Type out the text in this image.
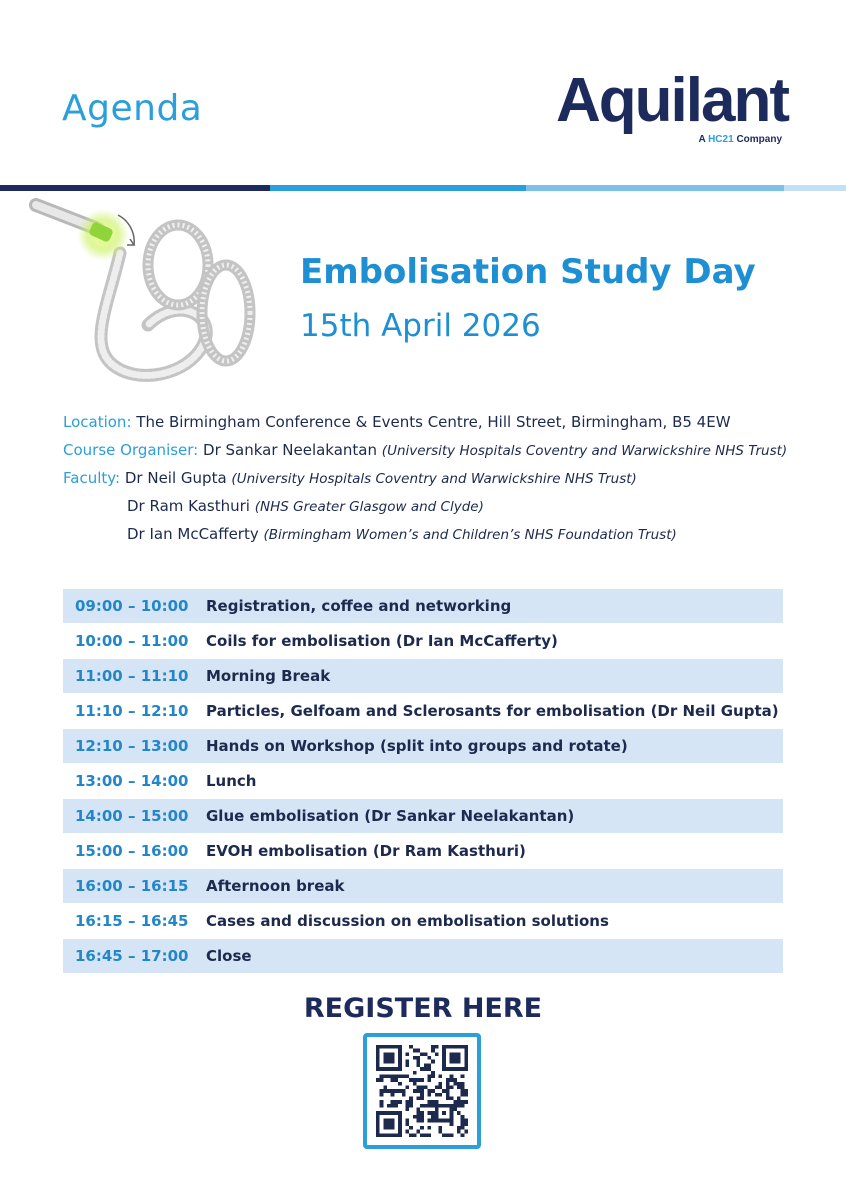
Agenda	Aquilant
A HC21 Company
Embolisation Study Day
15th April 2026
Location: The Birmingham Conference & Events Centre, Hill Street, Birmingham, B5 4EW
Course Organiser: Dr Sankar Neelakantan (University Hospitals Coventry and Warwickshire NHS Trust)
Faculty: Dr Neil Gupta (University Hospitals Coventry and Warwickshire NHS Trust)
Dr Ram Kasthuri (NHS Greater Glasgow and Clyde)
Dr Ian McCafferty (Birmingham Women’s and Children’s NHS Foundation Trust)
09:00 – 10:00	Registration, coffee and networking
10:00 – 11:00	Coils for embolisation (Dr Ian McCafferty)
11:00 – 11:10	Morning Break
11:10 – 12:10	Particles, Gelfoam and Sclerosants for embolisation (Dr Neil Gupta)
12:10 – 13:00	Hands on Workshop (split into groups and rotate)
13:00 – 14:00	Lunch
14:00 – 15:00	Glue embolisation (Dr Sankar Neelakantan)
15:00 – 16:00	EVOH embolisation (Dr Ram Kasthuri)
16:00 – 16:15	Afternoon break
16:15 – 16:45	Cases and discussion on embolisation solutions
16:45 – 17:00	Close
REGISTER HERE
